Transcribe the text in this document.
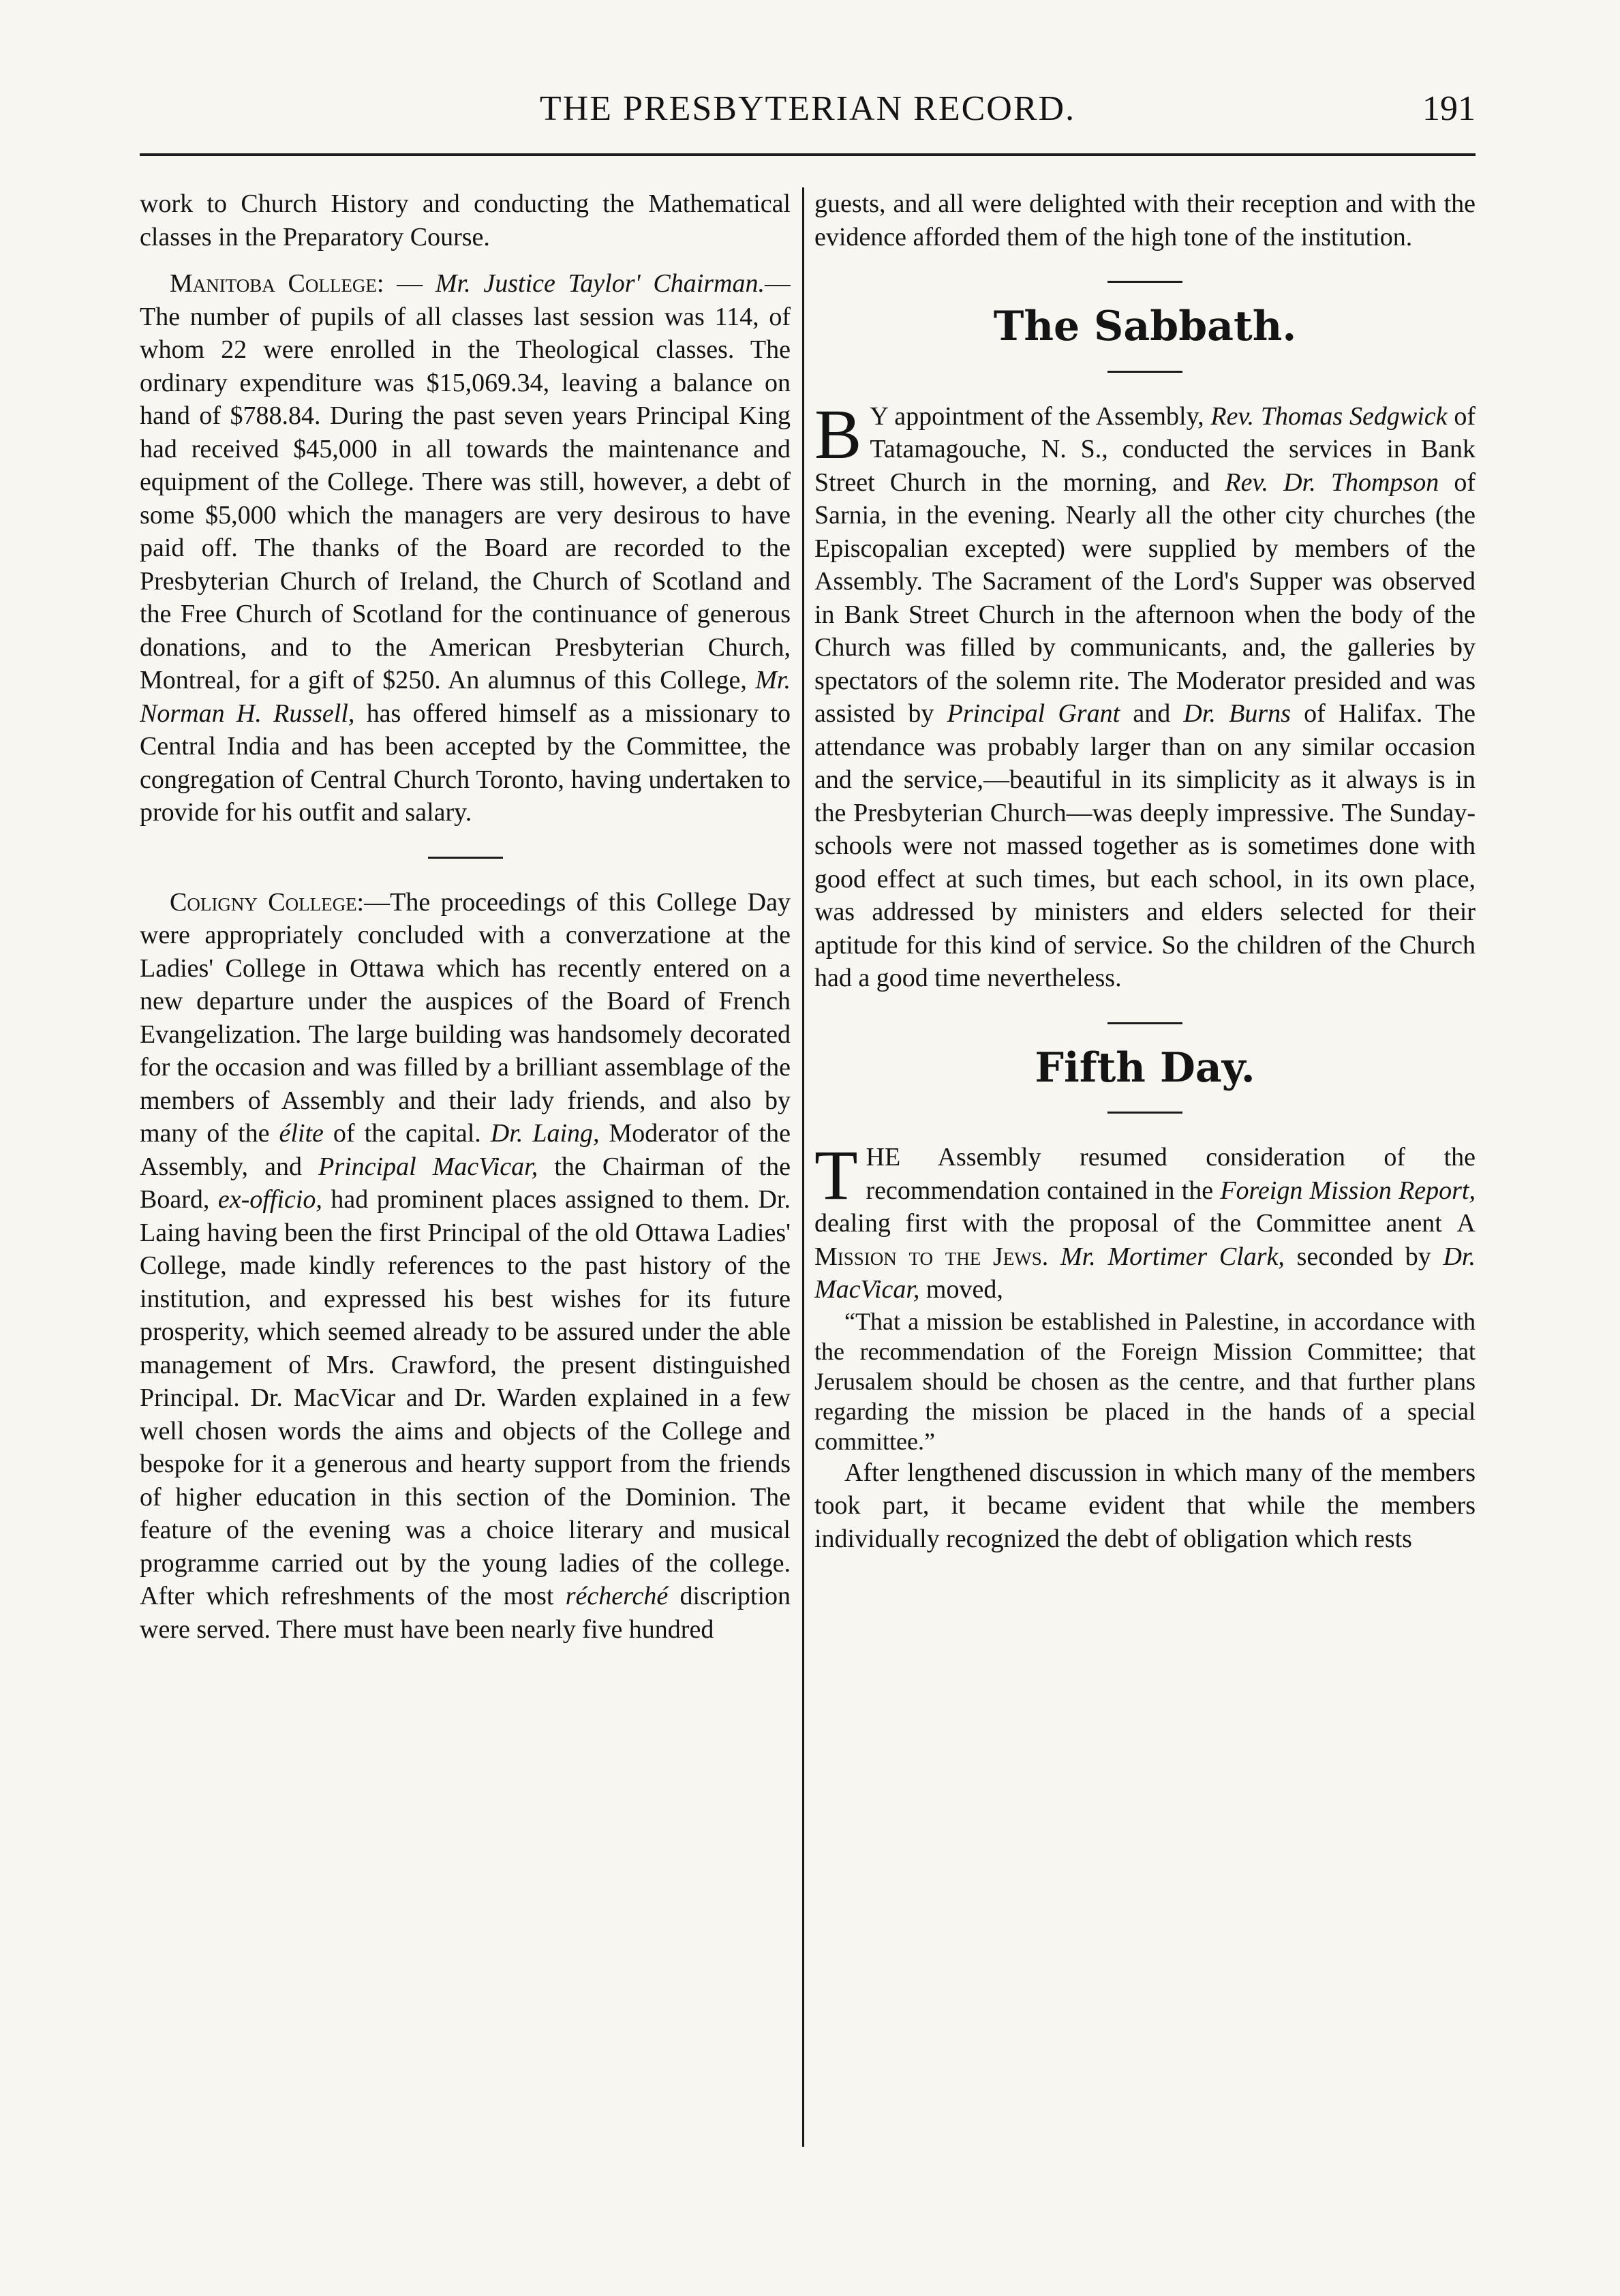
THE PRESBYTERIAN RECORD.	191

work to Church History and conducting the Mathematical classes in the Preparatory Course.

Manitoba College: — Mr. Justice Taylor' Chairman.—The number of pupils of all classes last session was 114, of whom 22 were enrolled in the Theological classes. The ordinary expenditure was $15,069.34, leaving a balance on hand of $788.84. During the past seven years Principal King had received $45,000 in all towards the maintenance and equipment of the College. There was still, however, a debt of some $5,000 which the managers are very desirous to have paid off. The thanks of the Board are recorded to the Presbyterian Church of Ireland, the Church of Scotland and the Free Church of Scotland for the continuance of generous donations, and to the American Presbyterian Church, Montreal, for a gift of $250. An alumnus of this College, Mr. Norman H. Russell, has offered himself as a missionary to Central India and has been accepted by the Committee, the congregation of Central Church Toronto, having undertaken to provide for his outfit and salary.

Coligny College:—The proceedings of this College Day were appropriately concluded with a converzatione at the Ladies' College in Ottawa which has recently entered on a new departure under the auspices of the Board of French Evangelization. The large building was handsomely decorated for the occasion and was filled by a brilliant assemblage of the members of Assembly and their lady friends, and also by many of the élite of the capital. Dr. Laing, Moderator of the Assembly, and Principal MacVicar, the Chairman of the Board, ex-officio, had prominent places assigned to them. Dr. Laing having been the first Principal of the old Ottawa Ladies' College, made kindly references to the past history of the institution, and expressed his best wishes for its future prosperity, which seemed already to be assured under the able management of Mrs. Crawford, the present distinguished Principal. Dr. MacVicar and Dr. Warden explained in a few well chosen words the aims and objects of the College and bespoke for it a generous and hearty support from the friends of higher education in this section of the Dominion. The feature of the evening was a choice literary and musical programme carried out by the young ladies of the college. After which refreshments of the most récherché discription were served. There must have been nearly five hundred

guests, and all were delighted with their reception and with the evidence afforded them of the high tone of the institution.

The Sabbath.

B Y appointment of the Assembly, Rev. Thomas Sedgwick of Tatamagouche, N. S., conducted the services in Bank Street Church in the morning, and Rev. Dr. Thompson of Sarnia, in the evening. Nearly all the other city churches (the Episcopalian excepted) were supplied by members of the Assembly. The Sacrament of the Lord's Supper was observed in Bank Street Church in the afternoon when the body of the Church was filled by communicants, and, the galleries by spectators of the solemn rite. The Moderator presided and was assisted by Principal Grant and Dr. Burns of Halifax. The attendance was probably larger than on any similar occasion and the service,—beautiful in its simplicity as it always is in the Presbyterian Church—was deeply impressive. The Sunday-schools were not massed together as is sometimes done with good effect at such times, but each school, in its own place, was addressed by ministers and elders selected for their aptitude for this kind of service. So the children of the Church had a good time nevertheless.

Fifth Day.

THE Assembly resumed consideration of the recommendation contained in the Foreign Mission Report, dealing first with the proposal of the Committee anent A Mission to the Jews. Mr. Mortimer Clark, seconded by Dr. MacVicar, moved,

“That a mission be established in Palestine, in accordance with the recommendation of the Foreign Mission Committee; that Jerusalem should be chosen as the centre, and that further plans regarding the mission be placed in the hands of a special committee.”

After lengthened discussion in which many of the members took part, it became evident that while the members individually recognized the debt of obligation which rests
